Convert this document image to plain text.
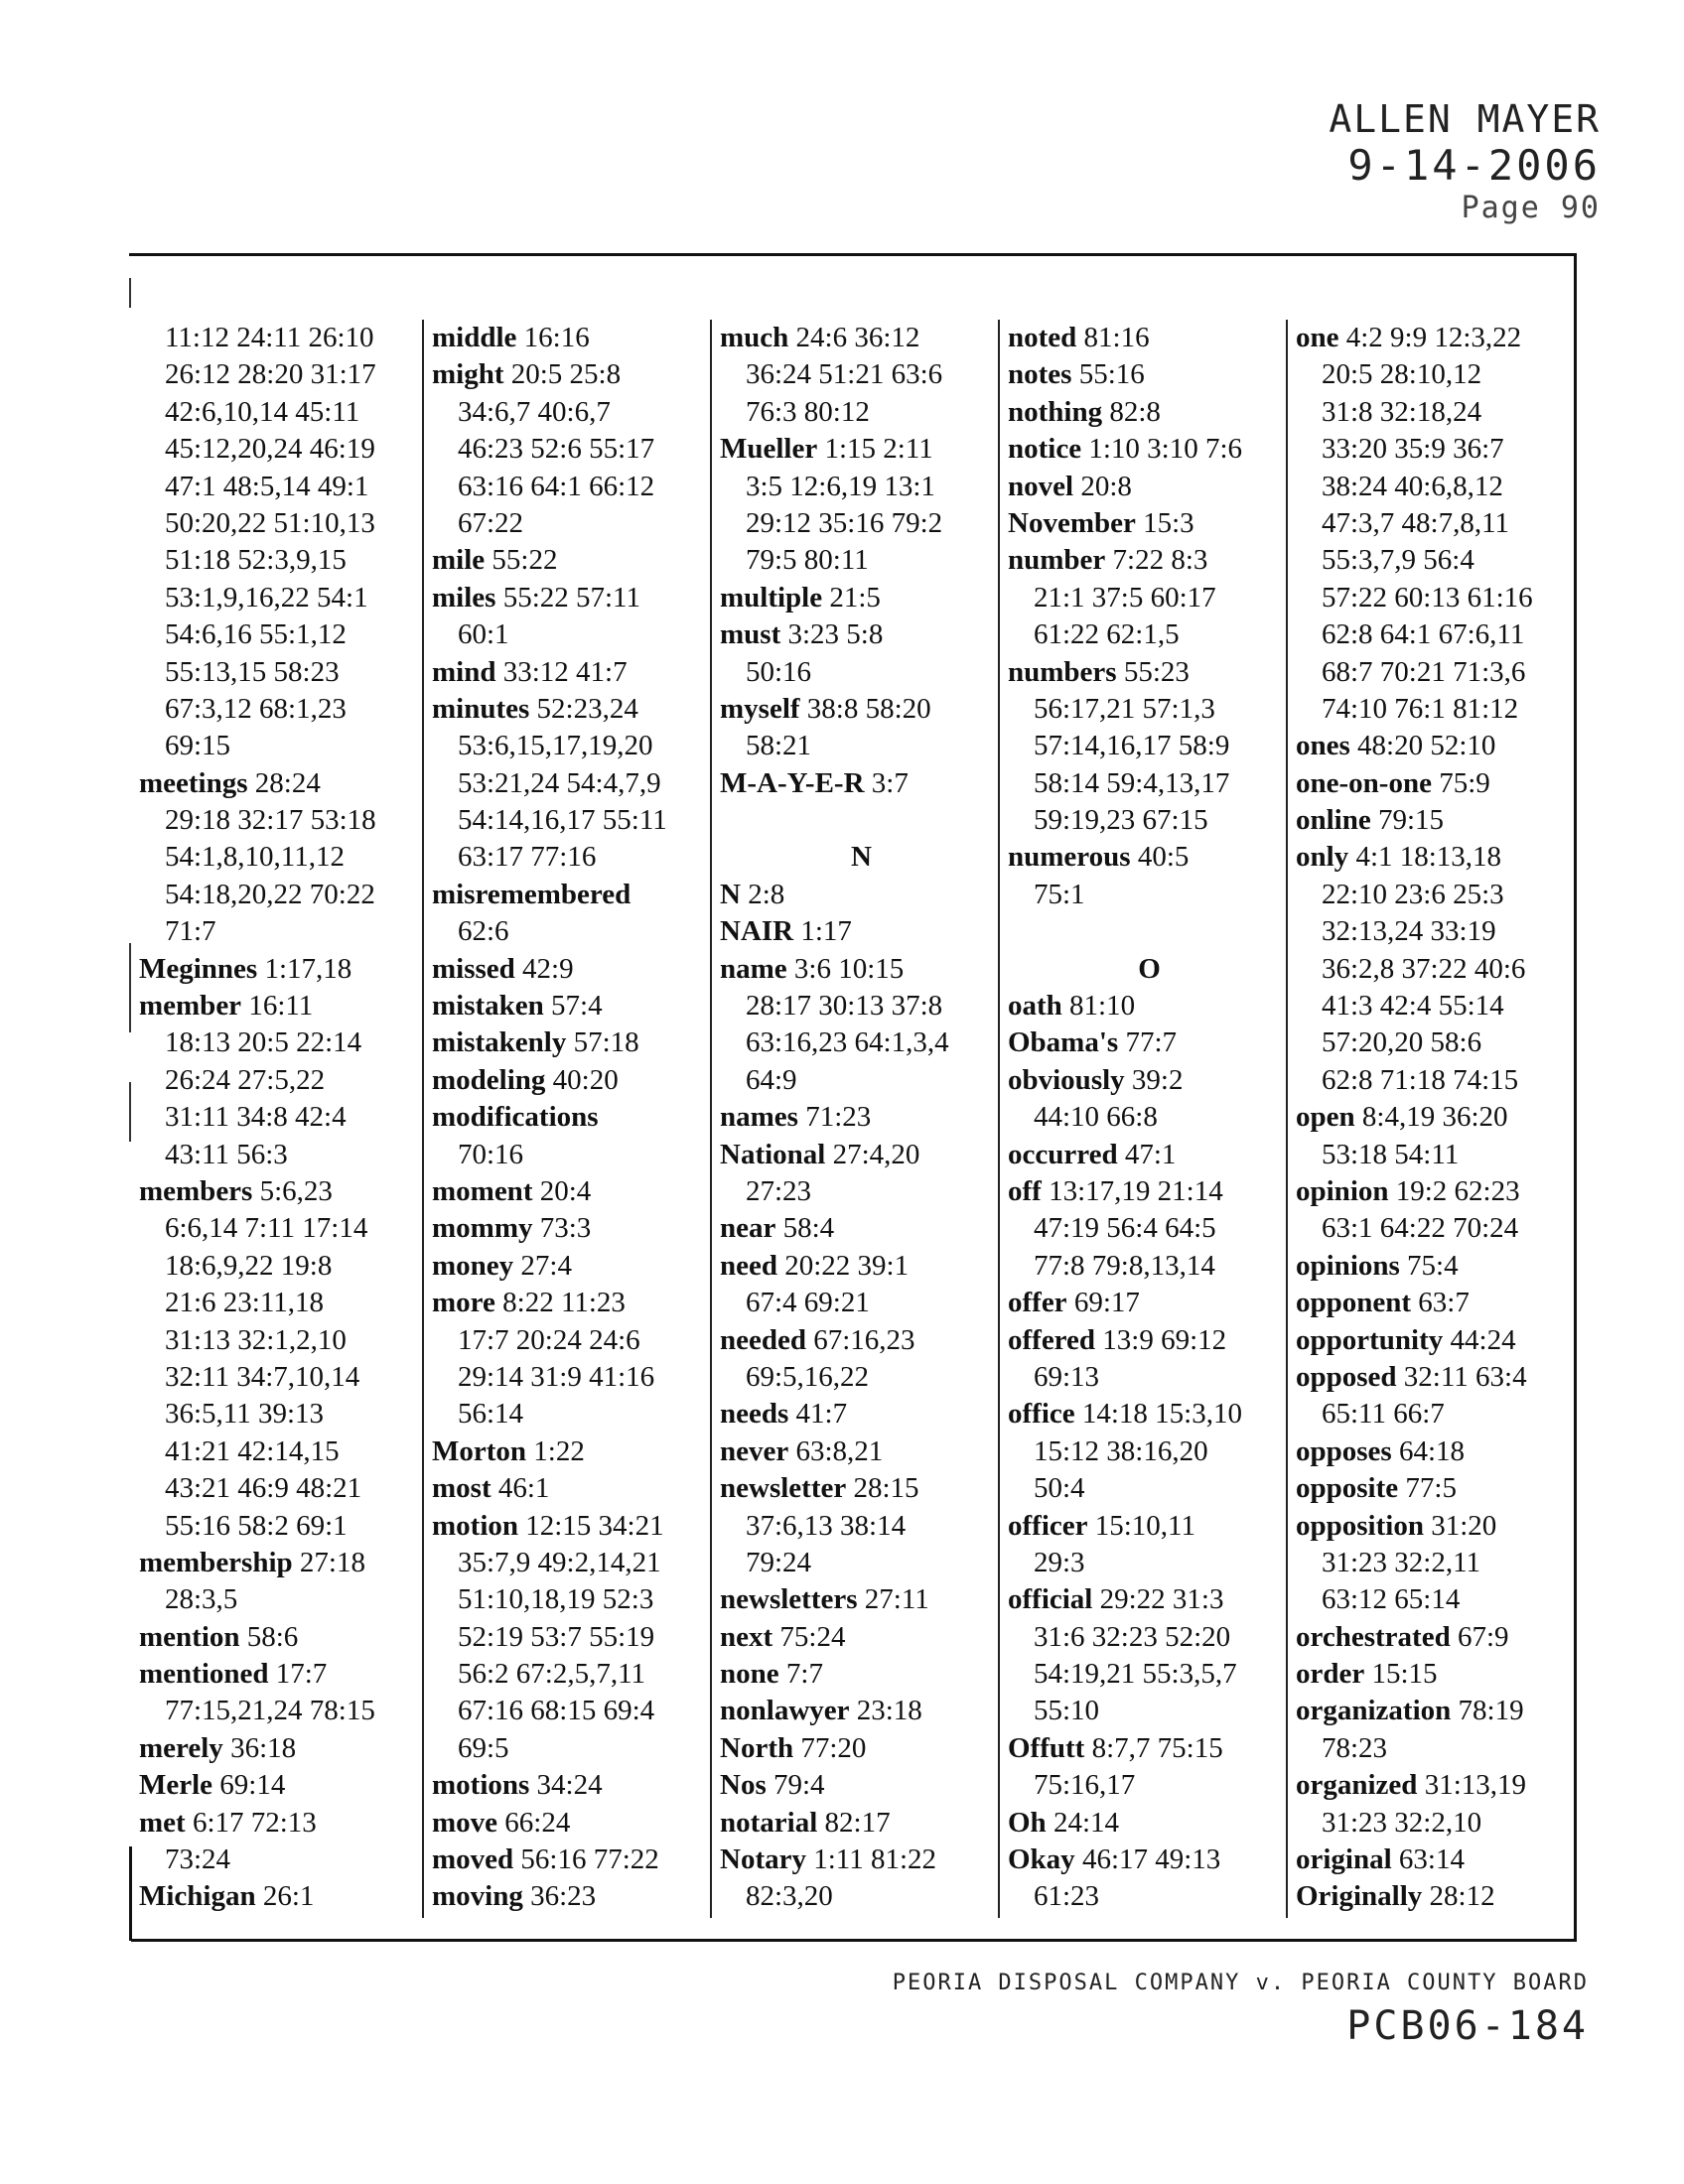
ALLEN MAYER
9-14-2006
Page 90
11:12 24:11 26:10
26:12 28:20 31:17
42:6,10,14 45:11
45:12,20,24 46:19
47:1 48:5,14 49:1
50:20,22 51:10,13
51:18 52:3,9,15
53:1,9,16,22 54:1
54:6,16 55:1,12
55:13,15 58:23
67:3,12 68:1,23
69:15
meetings 28:24
29:18 32:17 53:18
54:1,8,10,11,12
54:18,20,22 70:22
71:7
Meginnes 1:17,18
member 16:11
18:13 20:5 22:14
26:24 27:5,22
31:11 34:8 42:4
43:11 56:3
members 5:6,23
6:6,14 7:11 17:14
18:6,9,22 19:8
21:6 23:11,18
31:13 32:1,2,10
32:11 34:7,10,14
36:5,11 39:13
41:21 42:14,15
43:21 46:9 48:21
55:16 58:2 69:1
membership 27:18
28:3,5
mention 58:6
mentioned 17:7
77:15,21,24 78:15
merely 36:18
Merle 69:14
met 6:17 72:13
73:24
Michigan 26:1
middle 16:16
might 20:5 25:8
34:6,7 40:6,7
46:23 52:6 55:17
63:16 64:1 66:12
67:22
mile 55:22
miles 55:22 57:11
60:1
mind 33:12 41:7
minutes 52:23,24
53:6,15,17,19,20
53:21,24 54:4,7,9
54:14,16,17 55:11
63:17 77:16
misremembered
62:6
missed 42:9
mistaken 57:4
mistakenly 57:18
modeling 40:20
modifications
70:16
moment 20:4
mommy 73:3
money 27:4
more 8:22 11:23
17:7 20:24 24:6
29:14 31:9 41:16
56:14
Morton 1:22
most 46:1
motion 12:15 34:21
35:7,9 49:2,14,21
51:10,18,19 52:3
52:19 53:7 55:19
56:2 67:2,5,7,11
67:16 68:15 69:4
69:5
motions 34:24
move 66:24
moved 56:16 77:22
moving 36:23
much 24:6 36:12
36:24 51:21 63:6
76:3 80:12
Mueller 1:15 2:11
3:5 12:6,19 13:1
29:12 35:16 79:2
79:5 80:11
multiple 21:5
must 3:23 5:8
50:16
myself 38:8 58:20
58:21
M-A-Y-E-R 3:7
N
N 2:8
NAIR 1:17
name 3:6 10:15
28:17 30:13 37:8
63:16,23 64:1,3,4
64:9
names 71:23
National 27:4,20
27:23
near 58:4
need 20:22 39:1
67:4 69:21
needed 67:16,23
69:5,16,22
needs 41:7
never 63:8,21
newsletter 28:15
37:6,13 38:14
79:24
newsletters 27:11
next 75:24
none 7:7
nonlawyer 23:18
North 77:20
Nos 79:4
notarial 82:17
Notary 1:11 81:22
82:3,20
noted 81:16
notes 55:16
nothing 82:8
notice 1:10 3:10 7:6
novel 20:8
November 15:3
number 7:22 8:3
21:1 37:5 60:17
61:22 62:1,5
numbers 55:23
56:17,21 57:1,3
57:14,16,17 58:9
58:14 59:4,13,17
59:19,23 67:15
numerous 40:5
75:1
O
oath 81:10
Obama's 77:7
obviously 39:2
44:10 66:8
occurred 47:1
off 13:17,19 21:14
47:19 56:4 64:5
77:8 79:8,13,14
offer 69:17
offered 13:9 69:12
69:13
office 14:18 15:3,10
15:12 38:16,20
50:4
officer 15:10,11
29:3
official 29:22 31:3
31:6 32:23 52:20
54:19,21 55:3,5,7
55:10
Offutt 8:7,7 75:15
75:16,17
Oh 24:14
Okay 46:17 49:13
61:23
one 4:2 9:9 12:3,22
20:5 28:10,12
31:8 32:18,24
33:20 35:9 36:7
38:24 40:6,8,12
47:3,7 48:7,8,11
55:3,7,9 56:4
57:22 60:13 61:16
62:8 64:1 67:6,11
68:7 70:21 71:3,6
74:10 76:1 81:12
ones 48:20 52:10
one-on-one 75:9
online 79:15
only 4:1 18:13,18
22:10 23:6 25:3
32:13,24 33:19
36:2,8 37:22 40:6
41:3 42:4 55:14
57:20,20 58:6
62:8 71:18 74:15
open 8:4,19 36:20
53:18 54:11
opinion 19:2 62:23
63:1 64:22 70:24
opinions 75:4
opponent 63:7
opportunity 44:24
opposed 32:11 63:4
65:11 66:7
opposes 64:18
opposite 77:5
opposition 31:20
31:23 32:2,11
63:12 65:14
orchestrated 67:9
order 15:15
organization 78:19
78:23
organized 31:13,19
31:23 32:2,10
original 63:14
Originally 28:12
PEORIA DISPOSAL COMPANY v. PEORIA COUNTY BOARD
PCB06-184
